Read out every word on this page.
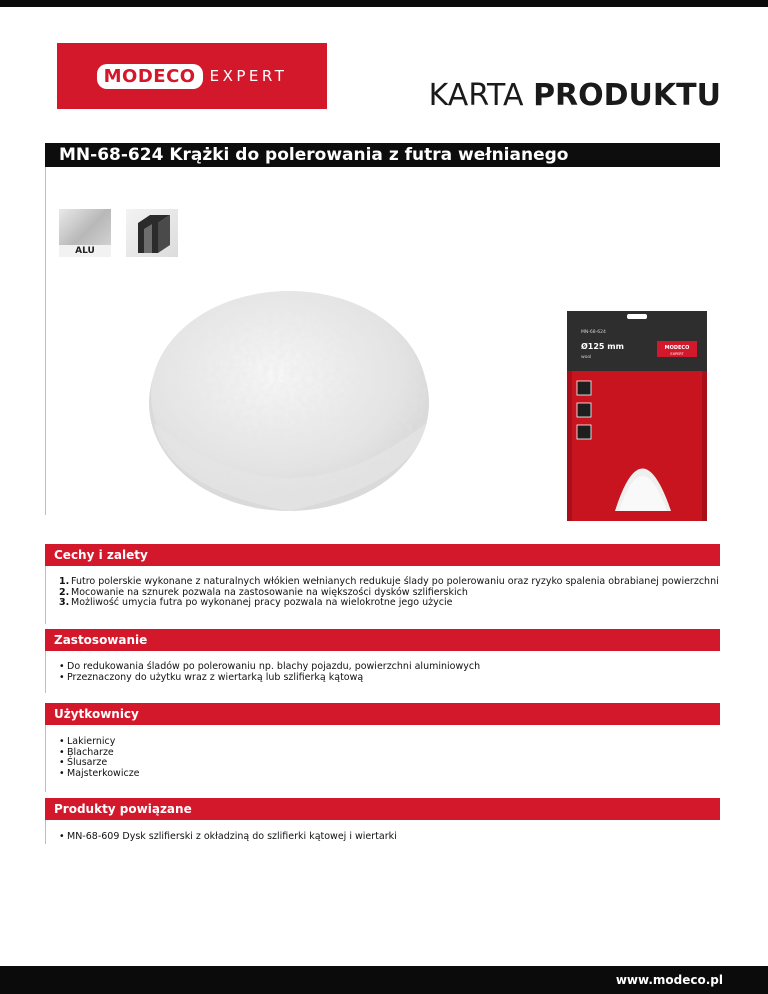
MODECO EXPERT
KARTA PRODUKTU
MN-68-624 Krążki do polerowania z futra wełnianego
ALU
MN-68-624
Ø125 mm
wool
MODECO
EXPERT
Cechy i zalety
1. Futro polerskie wykonane z naturalnych włókien wełnianych redukuje ślady po polerowaniu oraz ryzyko spalenia obrabianej powierzchni
2. Mocowanie na sznurek pozwala na zastosowanie na większości dysków szlifierskich
3. Możliwość umycia futra po wykonanej pracy pozwala na wielokrotne jego użycie
Zastosowanie
• Do redukowania śladów po polerowaniu np. blachy pojazdu, powierzchni aluminiowych
• Przeznaczony do użytku wraz z wiertarką lub szlifierką kątową
Użytkownicy
• Lakiernicy
• Blacharze
• Ślusarze
• Majsterkowicze
Produkty powiązane
• MN-68-609 Dysk szlifierski z okładziną do szlifierki kątowej i wiertarki
www.modeco.pl
